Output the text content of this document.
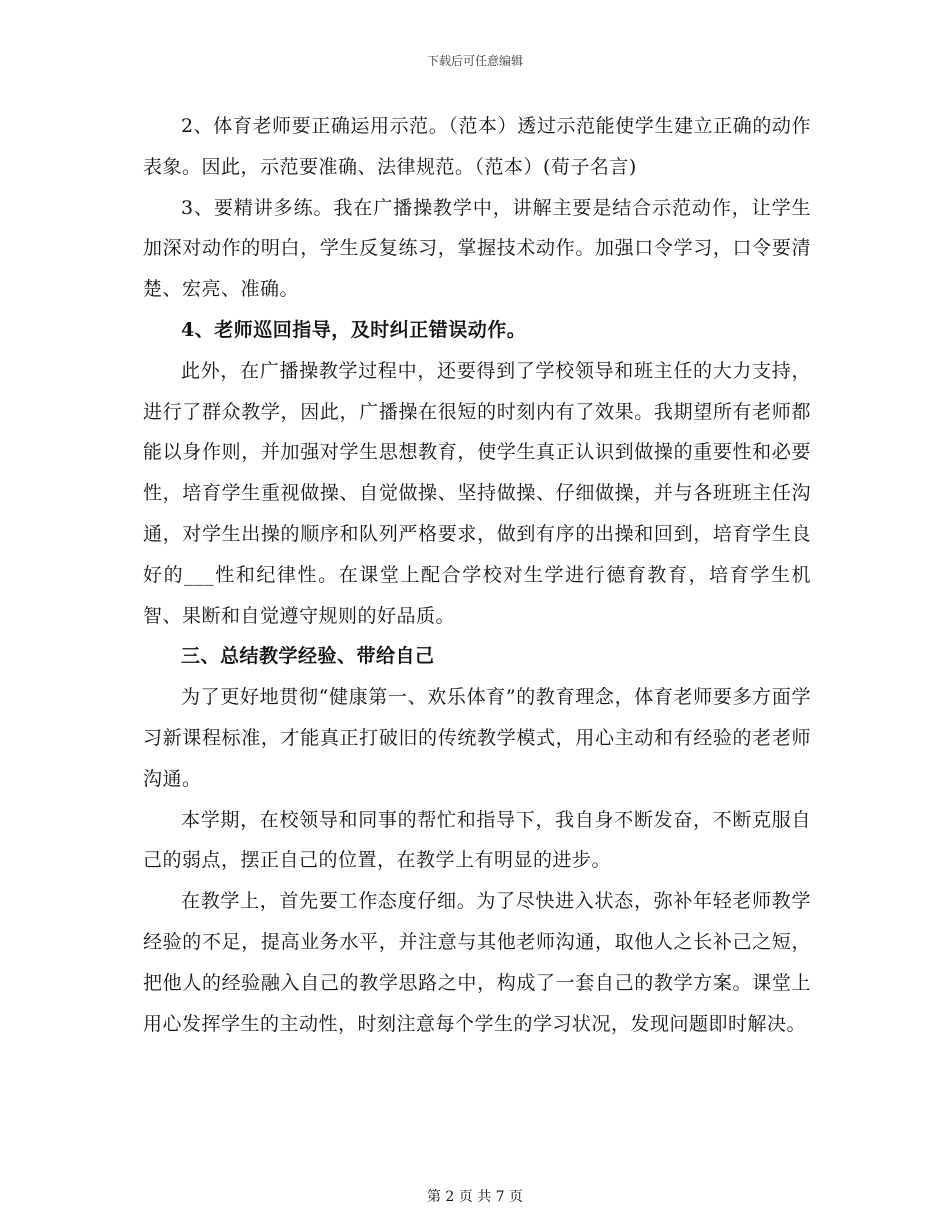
下载后可任意编辑

2、体育老师要正确运用示范。（范本）透过示范能使学生建立正确的动作表象。因此，示范要准确、法律规范。（范本）(荀子名言)

3、要精讲多练。我在广播操教学中，讲解主要是结合示范动作，让学生加深对动作的明白，学生反复练习，掌握技术动作。加强口令学习，口令要清楚、宏亮、准确。

4、老师巡回指导，及时纠正错误动作。

此外，在广播操教学过程中，还要得到了学校领导和班主任的大力支持，进行了群众教学，因此，广播操在很短的时刻内有了效果。我期望所有老师都能以身作则，并加强对学生思想教育，使学生真正认识到做操的重要性和必要性，培育学生重视做操、自觉做操、坚持做操、仔细做操，并与各班班主任沟通，对学生出操的顺序和队列严格要求，做到有序的出操和回到，培育学生良好的___性和纪律性。在课堂上配合学校对生学进行德育教育，培育学生机智、果断和自觉遵守规则的好品质。

三、总结教学经验、带给自己

为了更好地贯彻“健康第一、欢乐体育”的教育理念，体育老师要多方面学习新课程标准，才能真正打破旧的传统教学模式，用心主动和有经验的老老师沟通。

本学期，在校领导和同事的帮忙和指导下，我自身不断发奋，不断克服自己的弱点，摆正自己的位置，在教学上有明显的进步。

在教学上，首先要工作态度仔细。为了尽快进入状态，弥补年轻老师教学经验的不足，提高业务水平，并注意与其他老师沟通，取他人之长补己之短，把他人的经验融入自己的教学思路之中，构成了一套自己的教学方案。课堂上用心发挥学生的主动性，时刻注意每个学生的学习状况，发现问题即时解决。

第 2 页 共 7 页
